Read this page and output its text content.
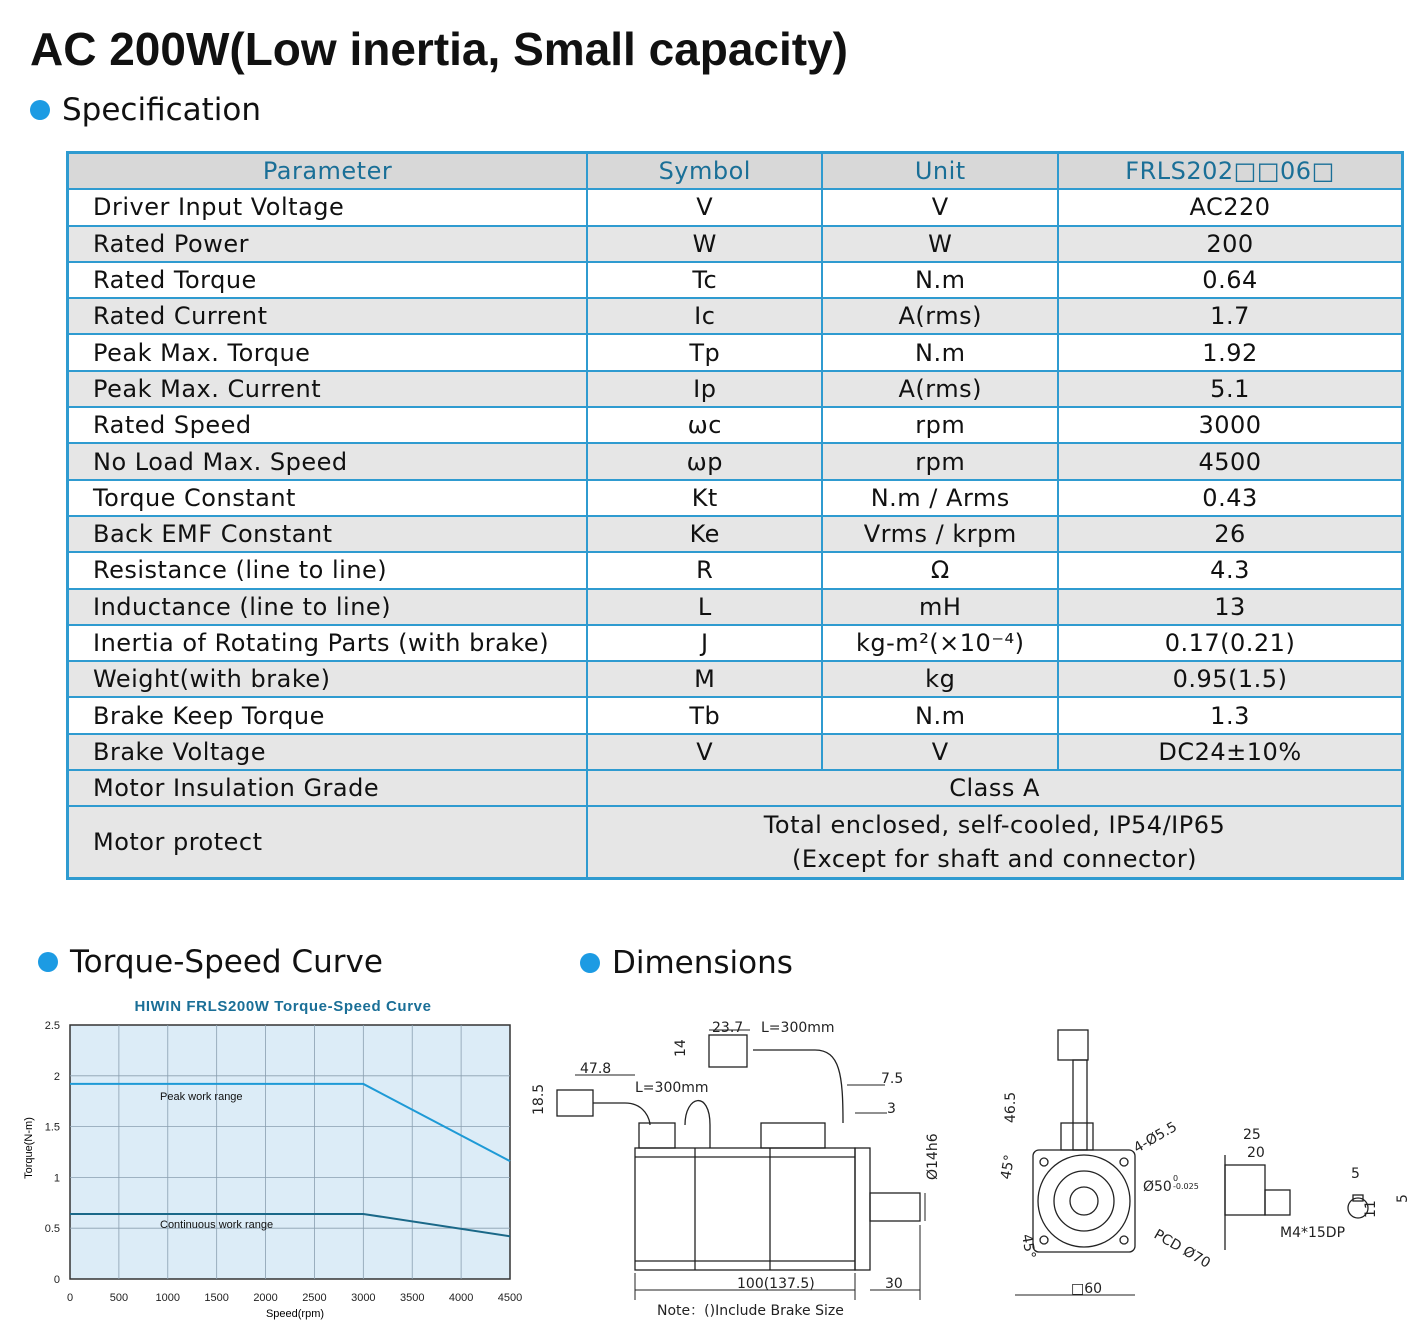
AC 200W(Low inertia, Small capacity)
Specification
Parameter	Symbol	Unit	FRLS202□□06□
Driver Input Voltage	V	V	AC220
Rated Power	W	W	200
Rated Torque	Tc	N.m	0.64
Rated Current	Ic	A(rms)	1.7
Peak Max. Torque	Tp	N.m	1.92
Peak Max. Current	Ip	A(rms)	5.1
Rated Speed	ωc	rpm	3000
No Load Max. Speed	ωp	rpm	4500
Torque Constant	Kt	N.m / Arms	0.43
Back EMF Constant	Ke	Vrms / krpm	26
Resistance (line to line)	R	Ω	4.3
Inductance (line to line)	L	mH	13
Inertia of Rotating Parts (with brake)	J	kg-m²(×10⁻⁴)	0.17(0.21)
Weight(with brake)	M	kg	0.95(1.5)
Brake Keep Torque	Tb	N.m	1.3
Brake Voltage	V	V	DC24±10%
Motor Insulation Grade	Class A		
Motor protect	Total enclosed, self-cooled, IP54/IP65
(Except for shaft and connector)		
Torque-Speed Curve	Dimensions
HIWIN FRLS200W Torque-Speed Curve
0	500 1000 1500 2000 2500 3000 3500 4000 4500
0
0.5
1
1.5
2
2.5
Peak work range
Continuous work range
Speed(rpm)
Torque(N-m)
23.7 L=300mm
14
47.8
18.5	L=300mm
7.5
3
Ø14h6
100(137.5)	30
Note：()Include Brake Size
46.5
4-Ø5.5
45°
45°
Ø50
0
-0.025
PCD Ø70
□60
25
20
5
5
11
M4*15DP
